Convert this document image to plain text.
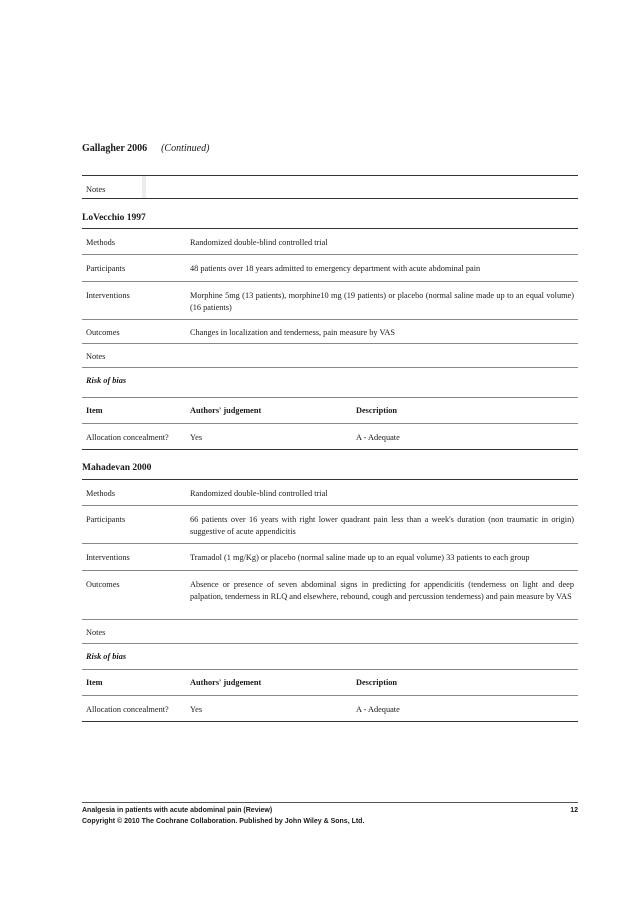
Gallagher 2006 (Continued)
Notes		
LoVecchio 1997
Methods	Randomized double-blind controlled trial
Participants	48 patients over 18 years admitted to emergency department with acute abdominal pain
Interventions	Morphine 5mg (13 patients), morphine10 mg (19 patients) or placebo (normal saline made up to an equal volume) (16 patients)
Outcomes	Changes in localization and tenderness, pain measure by VAS
Notes	
Risk of bias	
Item	Authors' judgement	Description
Allocation concealment?	Yes	A - Adequate
Mahadevan 2000
Methods	Randomized double-blind controlled trial
Participants	66 patients over 16 years with right lower quadrant pain less than a week's duration (non traumatic in origin) suggestive of acute appendicitis
Interventions	Tramadol (1 mg/Kg) or placebo (normal saline made up to an equal volume) 33 patients to each group
Outcomes	Absence or presence of seven abdominal signs in predicting for appendicitis (tenderness on light and deep palpation, tenderness in RLQ and elsewhere, rebound, cough and percussion tenderness) and pain measure by VAS
Notes	
Risk of bias	
Item	Authors' judgement	Description
Allocation concealment?	Yes	A - Adequate
Analgesia in patients with acute abdominal pain (Review)	12
Copyright © 2010 The Cochrane Collaboration. Published by John Wiley & Sons, Ltd.
